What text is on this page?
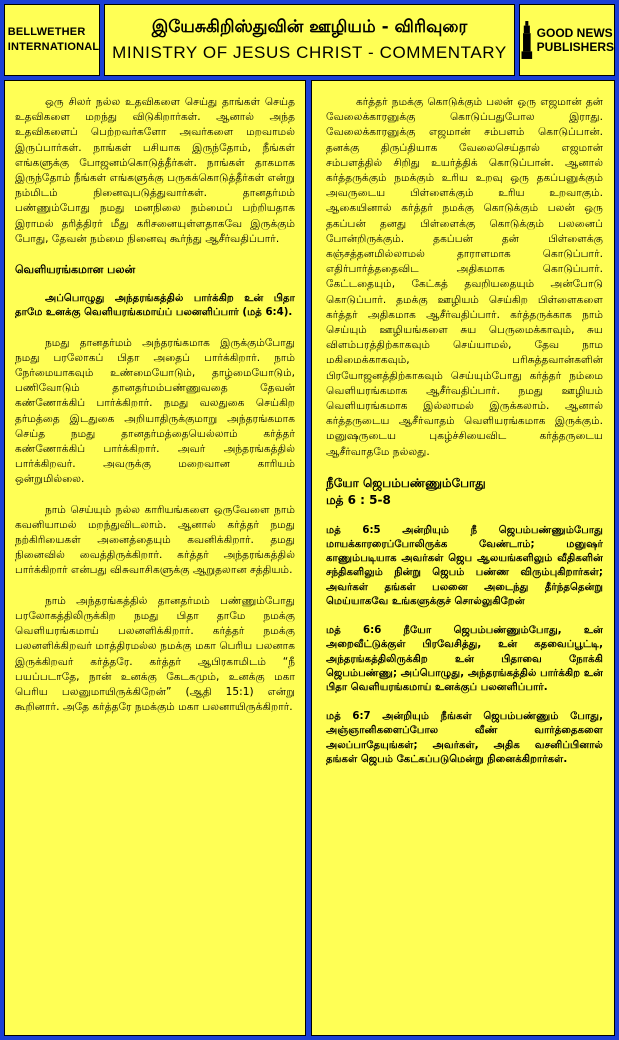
BELLWETHER
INTERNATIONAL
இயேசுகிறிஸ்துவின் ஊழியம் - விரிவுரை
MINISTRY OF JESUS CHRIST - COMMENTARY
GOOD NEWS
PUBLISHERS

ஒரு சிலர் நல்ல உதவிகளை செய்து தாங்கள் செய்த உதவிகளை மறந்து விடுகிறார்கள். ஆனால் அந்த உதவிகளைப் பெற்றவர்களோ அவர்களை மறவாமல் இருப்பார்கள். நாங்கள் பசியாக இருந்தோம், நீங்கள் எங்களுக்கு போஜனம்கொடுத்தீர்கள். நாங்கள் தாகமாக இருந்தோம் நீங்கள் எங்களுக்கு பருகக்கொடுத்தீர்கள் என்று நம்மிடம் நினைவுபடுத்துவார்கள். தானதர்மம் பண்ணும்போது நமது மனநிலை நம்மைப் பற்றியதாக இராமல் தரித்திரர் மீது கரிசனையுள்ளதாகவே இருக்கும் போது, தேவன் நம்மை நினைவு கூர்ந்து ஆசீர்வதிப்பார்.

வெளியரங்கமான பலன்

அப்பொழுது அந்தரங்கத்தில் பார்க்கிற உன் பிதா தாமே உனக்கு வெளியரங்கமாய்ப் பலனளிப்பார் (மத் 6:4).

நமது தானதர்மம் அந்தரங்கமாக இருக்கும்போது நமது பரலோகப் பிதா அதைப் பார்க்கிறார். நாம் நேர்மையாகவும் உண்மையோடும், தாழ்மையோடும், பணிவோடும் தானதர்மம்பண்ணுவதை தேவன் கண்ணோக்கிப் பார்க்கிறார். நமது வலதுகை செய்கிற தர்மத்தை இடதுகை அறியாதிருக்குமாறு அந்தரங்கமாக செய்த நமது தானதர்மத்தையெல்லாம் கர்த்தர் கண்ணோக்கிப் பார்க்கிறார். அவர் அந்தரங்கத்தில் பார்க்கிறவர். அவருக்கு மறைவான காரியம் ஒன்றுமில்லை.

நாம் செய்யும் நல்ல காரியங்களை ஒருவேளை நாம் கவனியாமல் மறந்துவிடலாம். ஆனால் கர்த்தர் நமது நற்கிரியைகள் அனைத்தையும் கவனிக்கிறார். தமது நினைவில் வைத்திருக்கிறார். கர்த்தர் அந்தரங்கத்தில் பார்க்கிறார் என்பது விசுவாசிகளுக்கு ஆறுதலான சத்தியம்.

நாம் அந்தரங்கத்தில் தானதர்மம் பண்ணும்போது பரலோகத்திலிருக்கிற நமது பிதா தாமே நமக்கு வெளியரங்கமாய் பலனளிக்கிறார். கர்த்தர் நமக்கு பலனளிக்கிறவர் மாத்திரமல்ல நமக்கு மகா பெரிய பலனாக இருக்கிறவர் கர்த்தரே. கர்த்தர் ஆபிரகாமிடம் “நீ பயப்படாதே, நான் உனக்கு கேடகமும், உனக்கு மகா பெரிய பலனுமாயிருக்கிறேன்” (ஆதி 15:1) என்று கூறினார். அதே கர்த்தரே நமக்கும் மகா பலனாயிருக்கிறார்.

கர்த்தர் நமக்கு கொடுக்கும் பலன் ஒரு எஜமான் தன் வேலைக்காரனுக்கு கொடுப்பதுபோல இராது. வேலைக்காரனுக்கு எஜமான் சம்பளம் கொடுப்பான். தனக்கு திருப்தியாக வேலைசெய்தால் எஜமான் சம்பளத்தில் சிறிது உயர்த்திக் கொடுப்பான். ஆனால் கர்த்தருக்கும் நமக்கும் உரிய உறவு ஒரு தகப்பனுக்கும் அவருடைய பிள்ளைக்கும் உரிய உறவாகும். ஆகையினால் கர்த்தர் நமக்கு கொடுக்கும் பலன் ஒரு தகப்பன் தனது பிள்ளைக்கு கொடுக்கும் பலனைப் போன்றிருக்கும். தகப்பன் தன் பிள்ளைக்கு கஞ்சத்தனமில்லாமல் தாராளமாக கொடுப்பார். எதிர்பார்த்ததைவிட அதிகமாக கொடுப்பார். கேட்டதையும், கேட்கத் தவறியதையும் அன்போடு கொடுப்பார். தமக்கு ஊழியம் செய்கிற பிள்ளைகளை கர்த்தர் அதிகமாக ஆசீர்வதிப்பார். கர்த்தருக்காக நாம் செய்யும் ஊழியங்களை சுய பெருமைக்காவும், சுய விளம்பரத்திற்காகவும் செய்யாமல், தேவ நாம மகிமைக்காகவும், பரிசுத்தவான்களின் பிரயோஜனத்திற்காகவும் செய்யும்போது கர்த்தர் நம்மை வெளியரங்கமாக ஆசீர்வதிப்பார். நமது ஊழியம் வெளியரங்கமாக இல்லாமல் இருக்கலாம். ஆனால் கர்த்தருடைய ஆசீர்வாதம் வெளியரங்கமாக இருக்கும். மனுஷருடைய புகழ்ச்சியைவிட கர்த்தருடைய ஆசீர்வாதமே நல்லது.

நீயோ ஜெபம்பண்ணும்போது

மத் 6 : 5-8

மத் 6:5 அன்றியும் நீ ஜெபம்பண்ணும்போது மாயக்காரரைப்போலிருக்க வேண்டாம்; மனுஷர் காணும்படியாக அவர்கள் ஜெப ஆலயங்களிலும் வீதிகளின் சந்திகளிலும் நின்று ஜெபம் பண்ண விரும்புகிறார்கள்; அவர்கள் தங்கள் பலனை அடைந்து தீர்ந்ததென்று மெய்யாகவே உங்களுக்குச் சொல்லுகிறேன்

மத் 6:6 நீயோ ஜெபம்பண்ணும்போது, உன் அறைவீட்டுக்குள் பிரவேசித்து, உன் கதவைப்பூட்டி, அந்தரங்கத்திலிருக்கிற உன் பிதாவை நோக்கி ஜெபம்பண்ணு; அப்பொழுது, அந்தரங்கத்தில் பார்க்கிற உன் பிதா வெளியரங்கமாய் உனக்குப் பலனளிப்பார்.

மத் 6:7 அன்றியும் நீங்கள் ஜெபம்பண்ணும் போது, அஞ்ஞானிகளைப்போல வீண் வார்த்தைகளை அலப்பாதேயுங்கள்; அவர்கள், அதிக வசனிப்பினால் தங்கள் ஜெபம் கேட்கப்படுமென்று நினைக்கிறார்கள்.
